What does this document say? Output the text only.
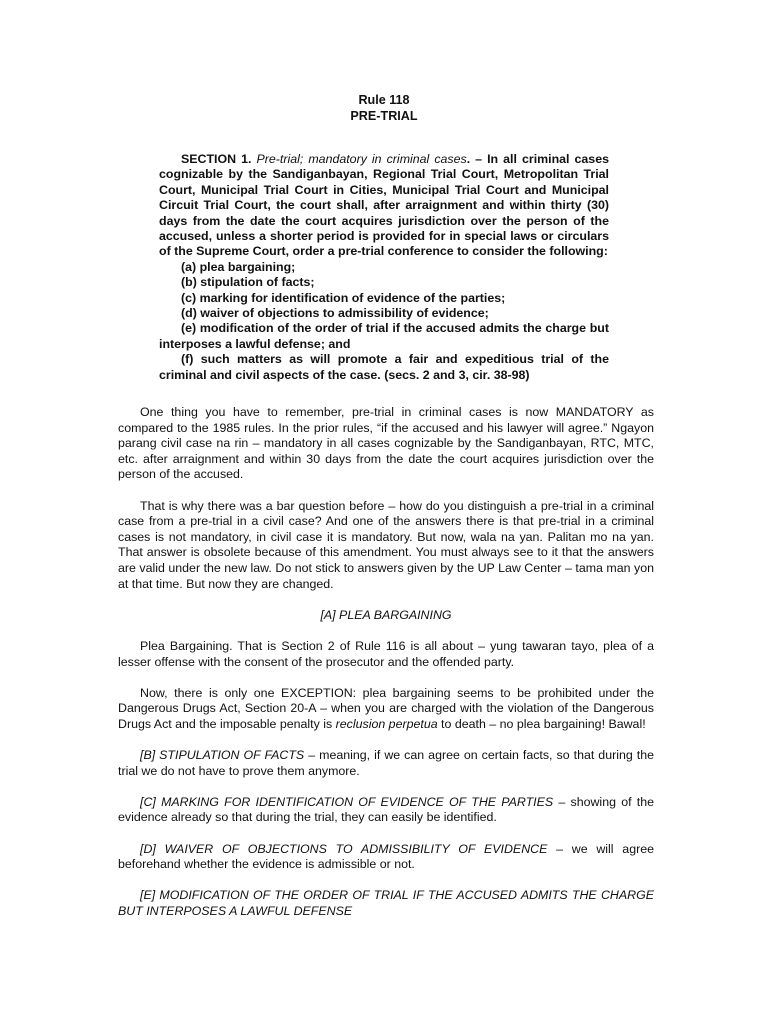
Rule 118
PRE-TRIAL

SECTION 1. Pre-trial; mandatory in criminal cases. – In all criminal cases cognizable by the Sandiganbayan, Regional Trial Court, Metropolitan Trial Court, Municipal Trial Court in Cities, Municipal Trial Court and Municipal Circuit Trial Court, the court shall, after arraignment and within thirty (30) days from the date the court acquires jurisdiction over the person of the accused, unless a shorter period is provided for in special laws or circulars of the Supreme Court, order a pre-trial conference to consider the following:

(a) plea bargaining;

(b) stipulation of facts;

(c) marking for identification of evidence of the parties;

(d) waiver of objections to admissibility of evidence;

(e) modification of the order of trial if the accused admits the charge but interposes a lawful defense; and

(f) such matters as will promote a fair and expeditious trial of the criminal and civil aspects of the case. (secs. 2 and 3, cir. 38-98)

One thing you have to remember, pre-trial in criminal cases is now MANDATORY as compared to the 1985 rules. In the prior rules, “if the accused and his lawyer will agree.” Ngayon parang civil case na rin – mandatory in all cases cognizable by the Sandiganbayan, RTC, MTC, etc. after arraignment and within 30 days from the date the court acquires jurisdiction over the person of the accused.

That is why there was a bar question before – how do you distinguish a pre-trial in a criminal case from a pre-trial in a civil case? And one of the answers there is that pre-trial in a criminal cases is not mandatory, in civil case it is mandatory. But now, wala na yan. Palitan mo na yan. That answer is obsolete because of this amendment. You must always see to it that the answers are valid under the new law. Do not stick to answers given by the UP Law Center – tama man yon at that time. But now they are changed.

[A] PLEA BARGAINING

Plea Bargaining. That is Section 2 of Rule 116 is all about – yung tawaran tayo, plea of a lesser offense with the consent of the prosecutor and the offended party.

Now, there is only one EXCEPTION: plea bargaining seems to be prohibited under the Dangerous Drugs Act, Section 20-A – when you are charged with the violation of the Dangerous Drugs Act and the imposable penalty is reclusion perpetua to death – no plea bargaining! Bawal!

[B] STIPULATION OF FACTS – meaning, if we can agree on certain facts, so that during the trial we do not have to prove them anymore.

[C] MARKING FOR IDENTIFICATION OF EVIDENCE OF THE PARTIES – showing of the evidence already so that during the trial, they can easily be identified.

[D] WAIVER OF OBJECTIONS TO ADMISSIBILITY OF EVIDENCE – we will agree beforehand whether the evidence is admissible or not.

[E] MODIFICATION OF THE ORDER OF TRIAL IF THE ACCUSED ADMITS THE CHARGE BUT INTERPOSES A LAWFUL DEFENSE
